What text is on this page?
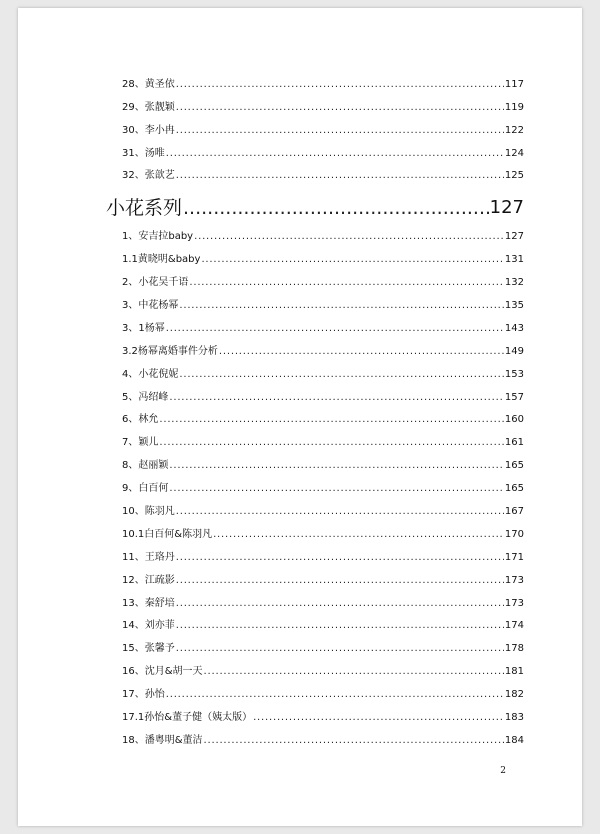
28、黄圣依 .....	117
29、张靓颖 .....	119
30、李小冉 .....	122
31、汤唯 .....	124
32、张歆艺 .....	125
小花系列 .....	127
1、安吉拉baby .....	127
1.1黄晓明&baby .....	131
2、小花吴千语 .....	132
3、中花杨幂 .....	135
3、1杨幂 .....	143
3.2杨幂离婚事件分析 .....	149
4、小花倪妮 .....	153
5、冯绍峰 .....	157
6、林允 .....	160
7、颖儿 .....	161
8、赵丽颖 .....	165
9、白百何 .....	165
10、陈羽凡 .....	167
10.1白百何&陈羽凡 .....	170
11、王珞丹 .....	171
12、江疏影 .....	173
13、秦舒培 .....	173
14、刘亦菲 .....	174
15、张馨予 .....	178
16、沈月&胡一天 .....	181
17、孙怡 .....	182
17.1孙怡&董子健（姨太版） .....	183
18、潘粤明&董洁 .....	184
2
